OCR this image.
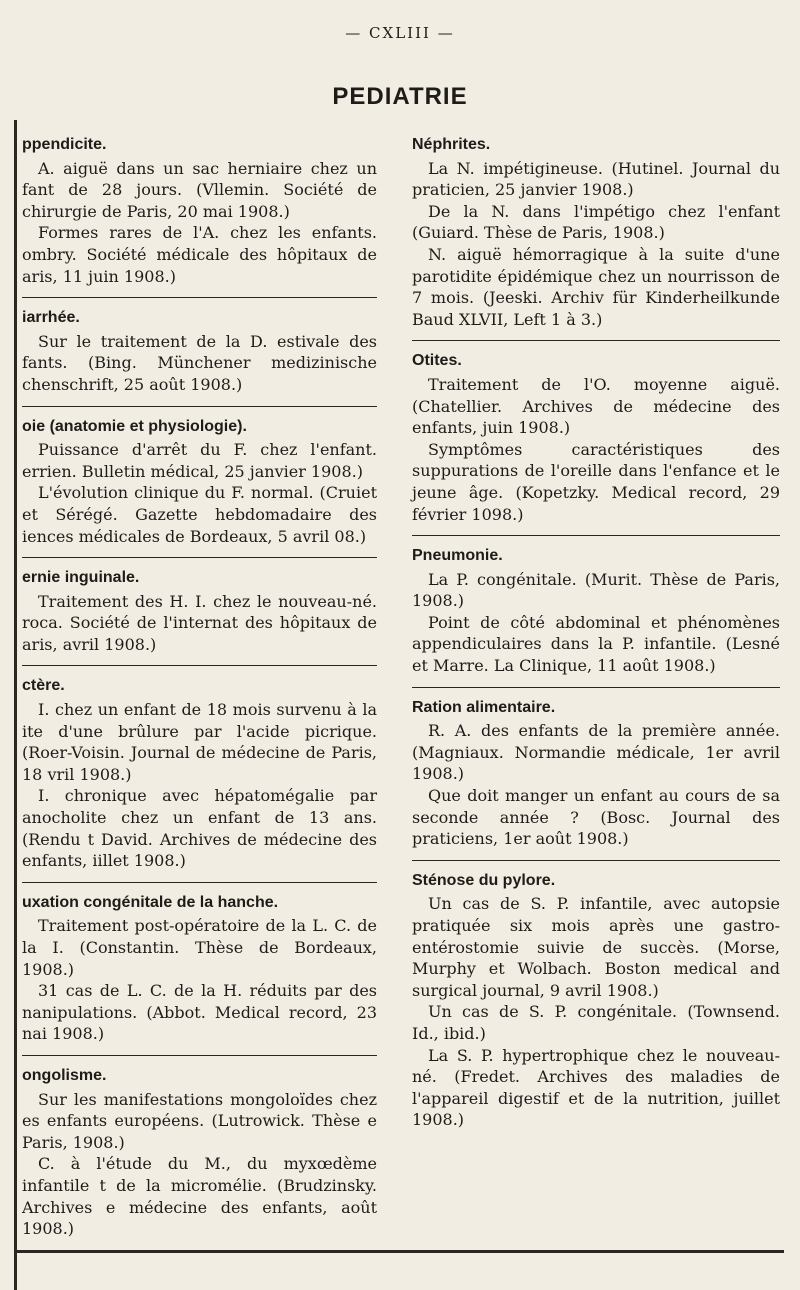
— CXLIII —
PEDIATRIE
ppendicite.

A. aiguë dans un sac herniaire chez un fant de 28 jours. (Vllemin. Société de chirurgie de Paris, 20 mai 1908.)

Formes rares de l'A. chez les enfants. ombry. Société médicale des hôpitaux de aris, 11 juin 1908.)

iarrhée.

Sur le traitement de la D. estivale des fants. (Bing. Münchener medizinische chenschrift, 25 août 1908.)

oie (anatomie et physiologie).

Puissance d'arrêt du F. chez l'enfant. errien. Bulletin médical, 25 janvier 1908.)

L'évolution clinique du F. normal. (Cruiet et Sérégé. Gazette hebdomadaire des iences médicales de Bordeaux, 5 avril 08.)

ernie inguinale.

Traitement des H. I. chez le nouveau-né. roca. Société de l'internat des hôpitaux de aris, avril 1908.)

ctère.

I. chez un enfant de 18 mois survenu à la ite d'une brûlure par l'acide picrique. (Roer-Voisin. Journal de médecine de Paris, 18 vril 1908.)

I. chronique avec hépatomégalie par anocholite chez un enfant de 13 ans. (Rendu t David. Archives de médecine des enfants, iillet 1908.)

uxation congénitale de la hanche.

Traitement post-opératoire de la L. C. de la I. (Constantin. Thèse de Bordeaux, 1908.)

31 cas de L. C. de la H. réduits par des nanipulations. (Abbot. Medical record, 23 nai 1908.)

ongolisme.

Sur les manifestations mongoloïdes chez es enfants européens. (Lutrowick. Thèse e Paris, 1908.)

C. à l'étude du M., du myxœdème infantile t de la micromélie. (Brudzinsky. Archives e médecine des enfants, août 1908.)

Néphrites.

La N. impétigineuse. (Hutinel. Journal du praticien, 25 janvier 1908.)

De la N. dans l'impétigo chez l'enfant (Guiard. Thèse de Paris, 1908.)

N. aiguë hémorragique à la suite d'une parotidite épidémique chez un nourrisson de 7 mois. (Jeeski. Archiv für Kinderheilkunde Baud XLVII, Left 1 à 3.)

Otites.

Traitement de l'O. moyenne aiguë. (Chatellier. Archives de médecine des enfants, juin 1908.)

Symptômes caractéristiques des suppurations de l'oreille dans l'enfance et le jeune âge. (Kopetzky. Medical record, 29 février 1098.)

Pneumonie.

La P. congénitale. (Murit. Thèse de Paris, 1908.)

Point de côté abdominal et phénomènes appendiculaires dans la P. infantile. (Lesné et Marre. La Clinique, 11 août 1908.)

Ration alimentaire.

R. A. des enfants de la première année. (Magniaux. Normandie médicale, 1er avril 1908.)

Que doit manger un enfant au cours de sa seconde année ? (Bosc. Journal des praticiens, 1er août 1908.)

Sténose du pylore.

Un cas de S. P. infantile, avec autopsie pratiquée six mois après une gastro-entérostomie suivie de succès. (Morse, Murphy et Wolbach. Boston medical and surgical journal, 9 avril 1908.)

Un cas de S. P. congénitale. (Townsend. Id., ibid.)

La S. P. hypertrophique chez le nouveau-né. (Fredet. Archives des maladies de l'appareil digestif et de la nutrition, juillet 1908.)
